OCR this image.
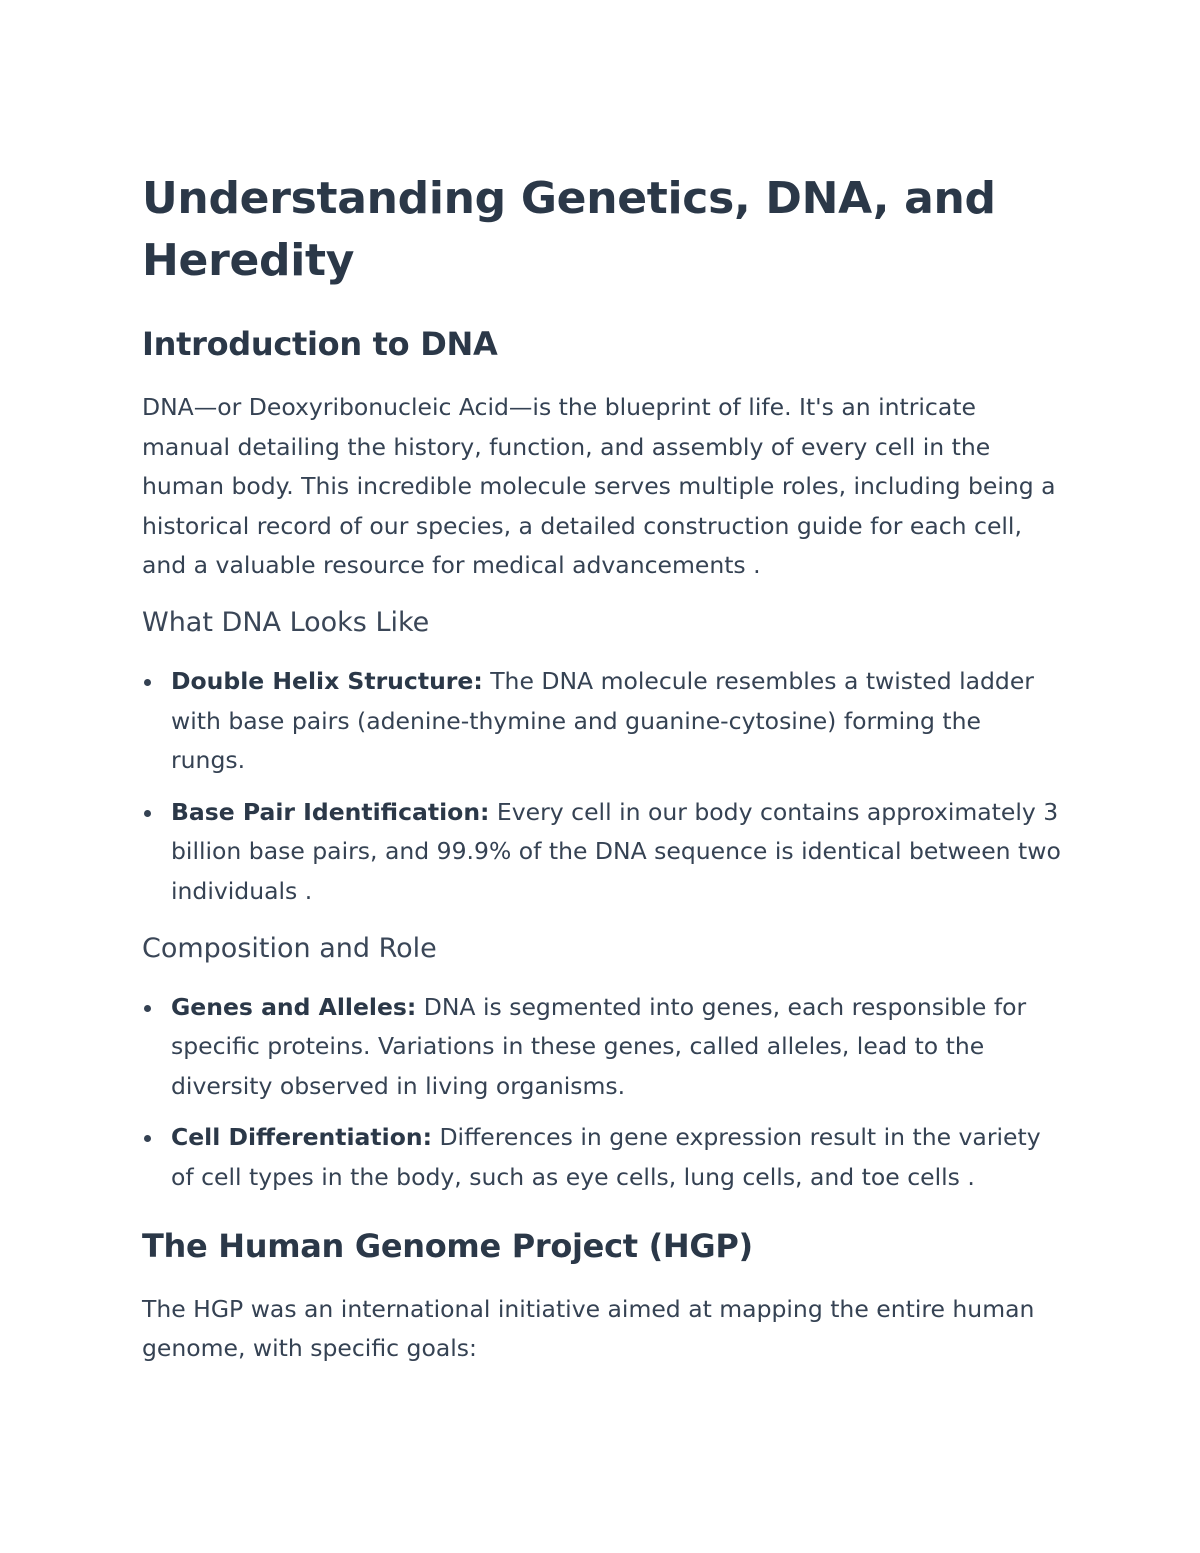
Understanding Genetics, DNA, and Heredity
Introduction to DNA

DNA—or Deoxyribonucleic Acid—is the blueprint of life. It's an intricate manual detailing the history, function, and assembly of every cell in the human body. This incredible molecule serves multiple roles, including being a historical record of our species, a detailed construction guide for each cell, and a valuable resource for medical advancements .

What DNA Looks Like
Double Helix Structure: The DNA molecule resembles a twisted ladder with base pairs (adenine-thymine and guanine-cytosine) forming the rungs.
Base Pair Identification: Every cell in our body contains approximately 3 billion base pairs, and 99.9% of the DNA sequence is identical between two individuals .
Composition and Role
Genes and Alleles: DNA is segmented into genes, each responsible for specific proteins. Variations in these genes, called alleles, lead to the diversity observed in living organisms.
Cell Differentiation: Differences in gene expression result in the variety of cell types in the body, such as eye cells, lung cells, and toe cells .
The Human Genome Project (HGP)

The HGP was an international initiative aimed at mapping the entire human genome, with specific goals:
